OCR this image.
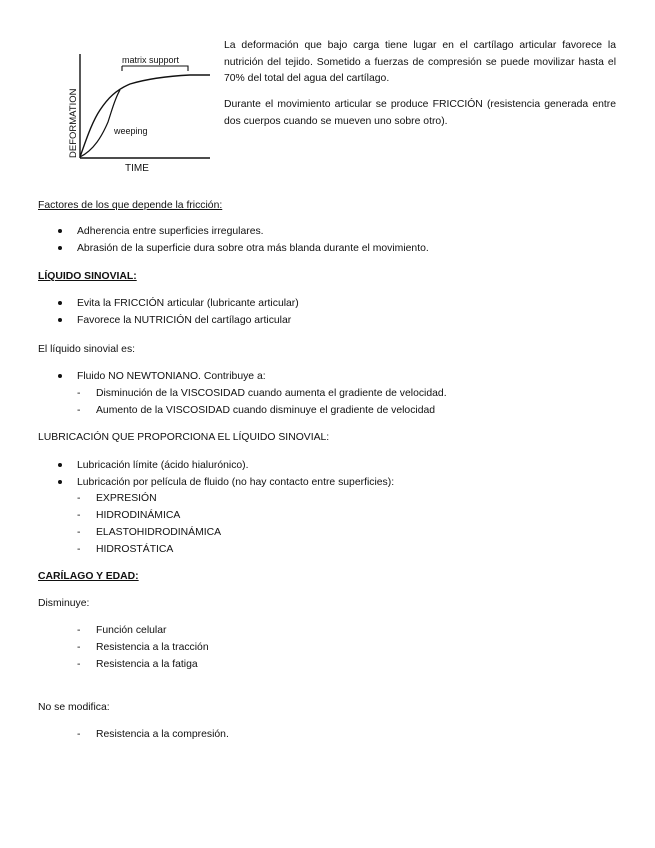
matrix support
weeping
TIME
DEFORMATION
La deformación que bajo carga tiene lugar en el cartílago articular favorece la nutrición del tejido. Sometido a fuerzas de compresión se puede movilizar hasta el 70% del total del agua del cartílago.
Durante el movimiento articular se produce FRICCIÓN (resistencia generada entre dos cuerpos cuando se mueven uno sobre otro).
Factores de los que depende la fricción:
Adherencia entre superficies irregulares.
Abrasión de la superficie dura sobre otra más blanda durante el movimiento.
LÍQUIDO SINOVIAL:
Evita la FRICCIÓN articular (lubricante articular)
Favorece la NUTRICIÓN del cartílago articular
El líquido sinovial es:
Fluido NO NEWTONIANO. Contribuye a:
- Disminución de la VISCOSIDAD cuando aumenta el gradiente de velocidad.
- Aumento de la VISCOSIDAD cuando disminuye el gradiente de velocidad
LUBRICACIÓN QUE PROPORCIONA EL LÍQUIDO SINOVIAL:
Lubricación límite (ácido hialurónico).
Lubricación por película de fluido (no hay contacto entre superficies):
- EXPRESIÓN
- HIDRODINÁMICA
- ELASTOHIDRODINÁMICA
- HIDROSTÁTICA
CARÍLAGO Y EDAD:
Disminuye:
- Función celular
- Resistencia a la tracción
- Resistencia a la fatiga
No se modifica:
- Resistencia a la compresión.
